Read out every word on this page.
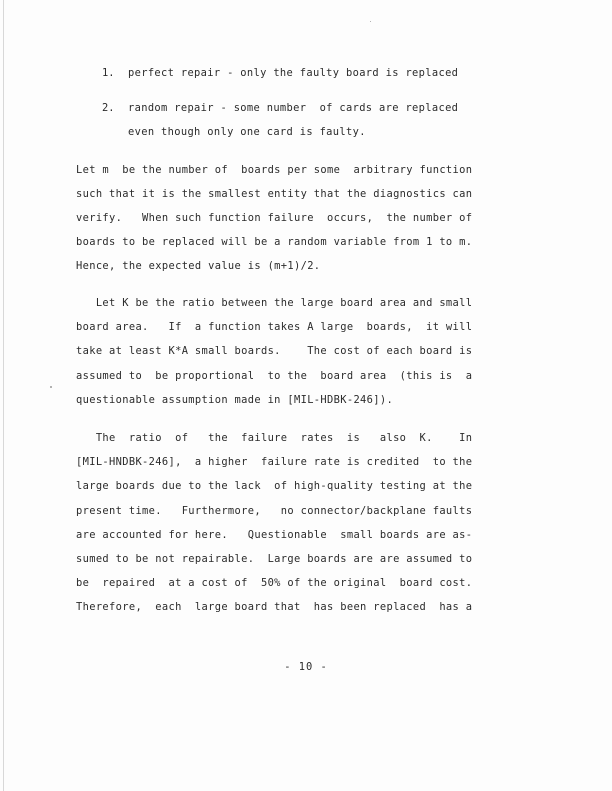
1. perfect repair - only the faulty board is replaced
2. random repair - some number  of cards are replaced
even though only one card is faulty.
Let m  be the number of  boards per some  arbitrary function
such that it is the smallest entity that the diagnostics can
verify.   When such function failure  occurs,  the number of
boards to be replaced will be a random variable from 1 to m.
Hence, the expected value is (m+1)/2.
Let K be the ratio between the large board area and small
board area.   If  a function takes A large  boards,  it will
take at least K*A small boards.    The cost of each board is
assumed to  be proportional  to the  board area  (this is  a
questionable assumption made in [MIL-HDBK-246]).
The  ratio  of   the  failure  rates  is   also  K.    In
[MIL-HNDBK-246],  a higher  failure rate is credited  to the
large boards due to the lack  of high-quality testing at the
present time.   Furthermore,   no connector/backplane faults
are accounted for here.   Questionable  small boards are as-
sumed to be not repairable.  Large boards are are assumed to
be  repaired  at a cost of  50% of the original  board cost.
Therefore,  each  large board that  has been replaced  has a
- 10 -
